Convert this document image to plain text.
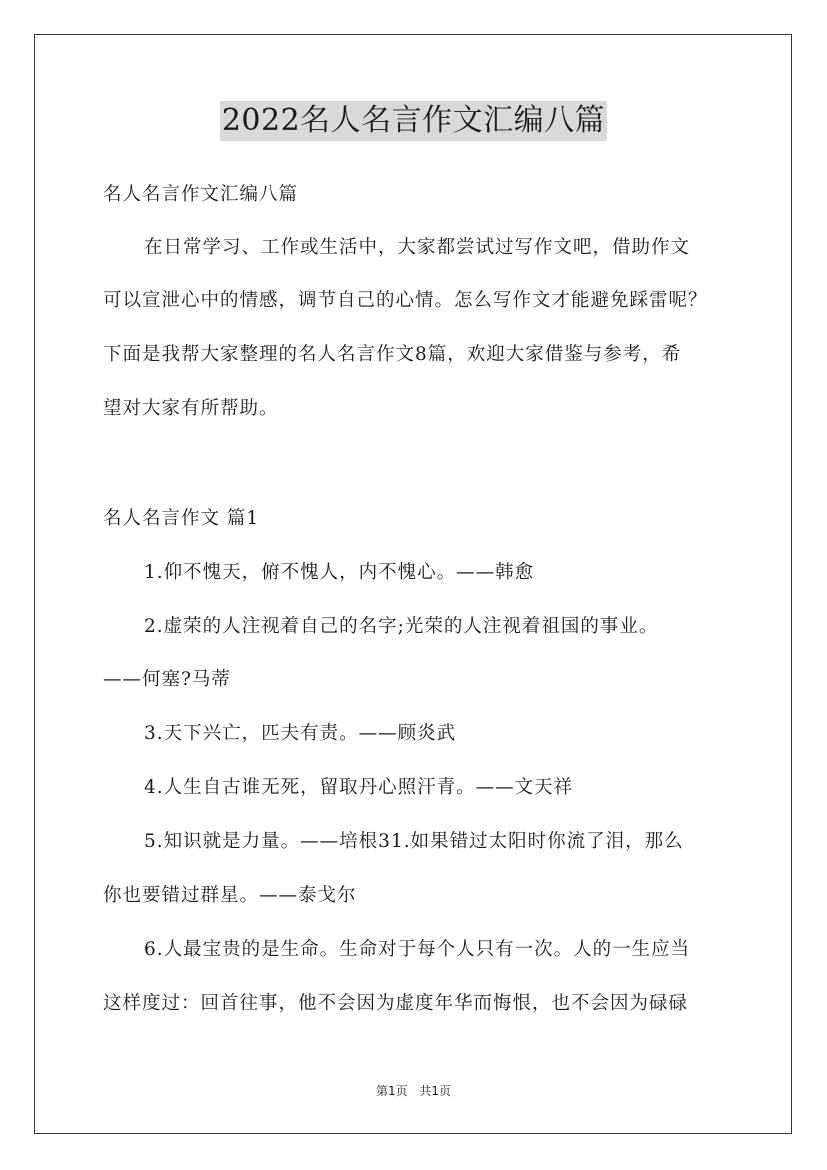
2022名人名言作文汇编八篇
名人名言作文汇编八篇
在日常学习、工作或生活中，大家都尝试过写作文吧，借助作文
可以宣泄心中的情感，调节自己的心情。怎么写作文才能避免踩雷呢？
下面是我帮大家整理的名人名言作文8篇，欢迎大家借鉴与参考，希
望对大家有所帮助。
名人名言作文 篇1
1.仰不愧天，俯不愧人，内不愧心。——韩愈
2.虚荣的人注视着自己的名字;光荣的人注视着祖国的事业。
——何塞?马蒂
3.天下兴亡，匹夫有责。——顾炎武
4.人生自古谁无死，留取丹心照汗青。——文天祥
5.知识就是力量。——培根31.如果错过太阳时你流了泪，那么
你也要错过群星。——泰戈尔
6.人最宝贵的是生命。生命对于每个人只有一次。人的一生应当
这样度过：回首往事，他不会因为虚度年华而悔恨，也不会因为碌碌
第1页 共1页
